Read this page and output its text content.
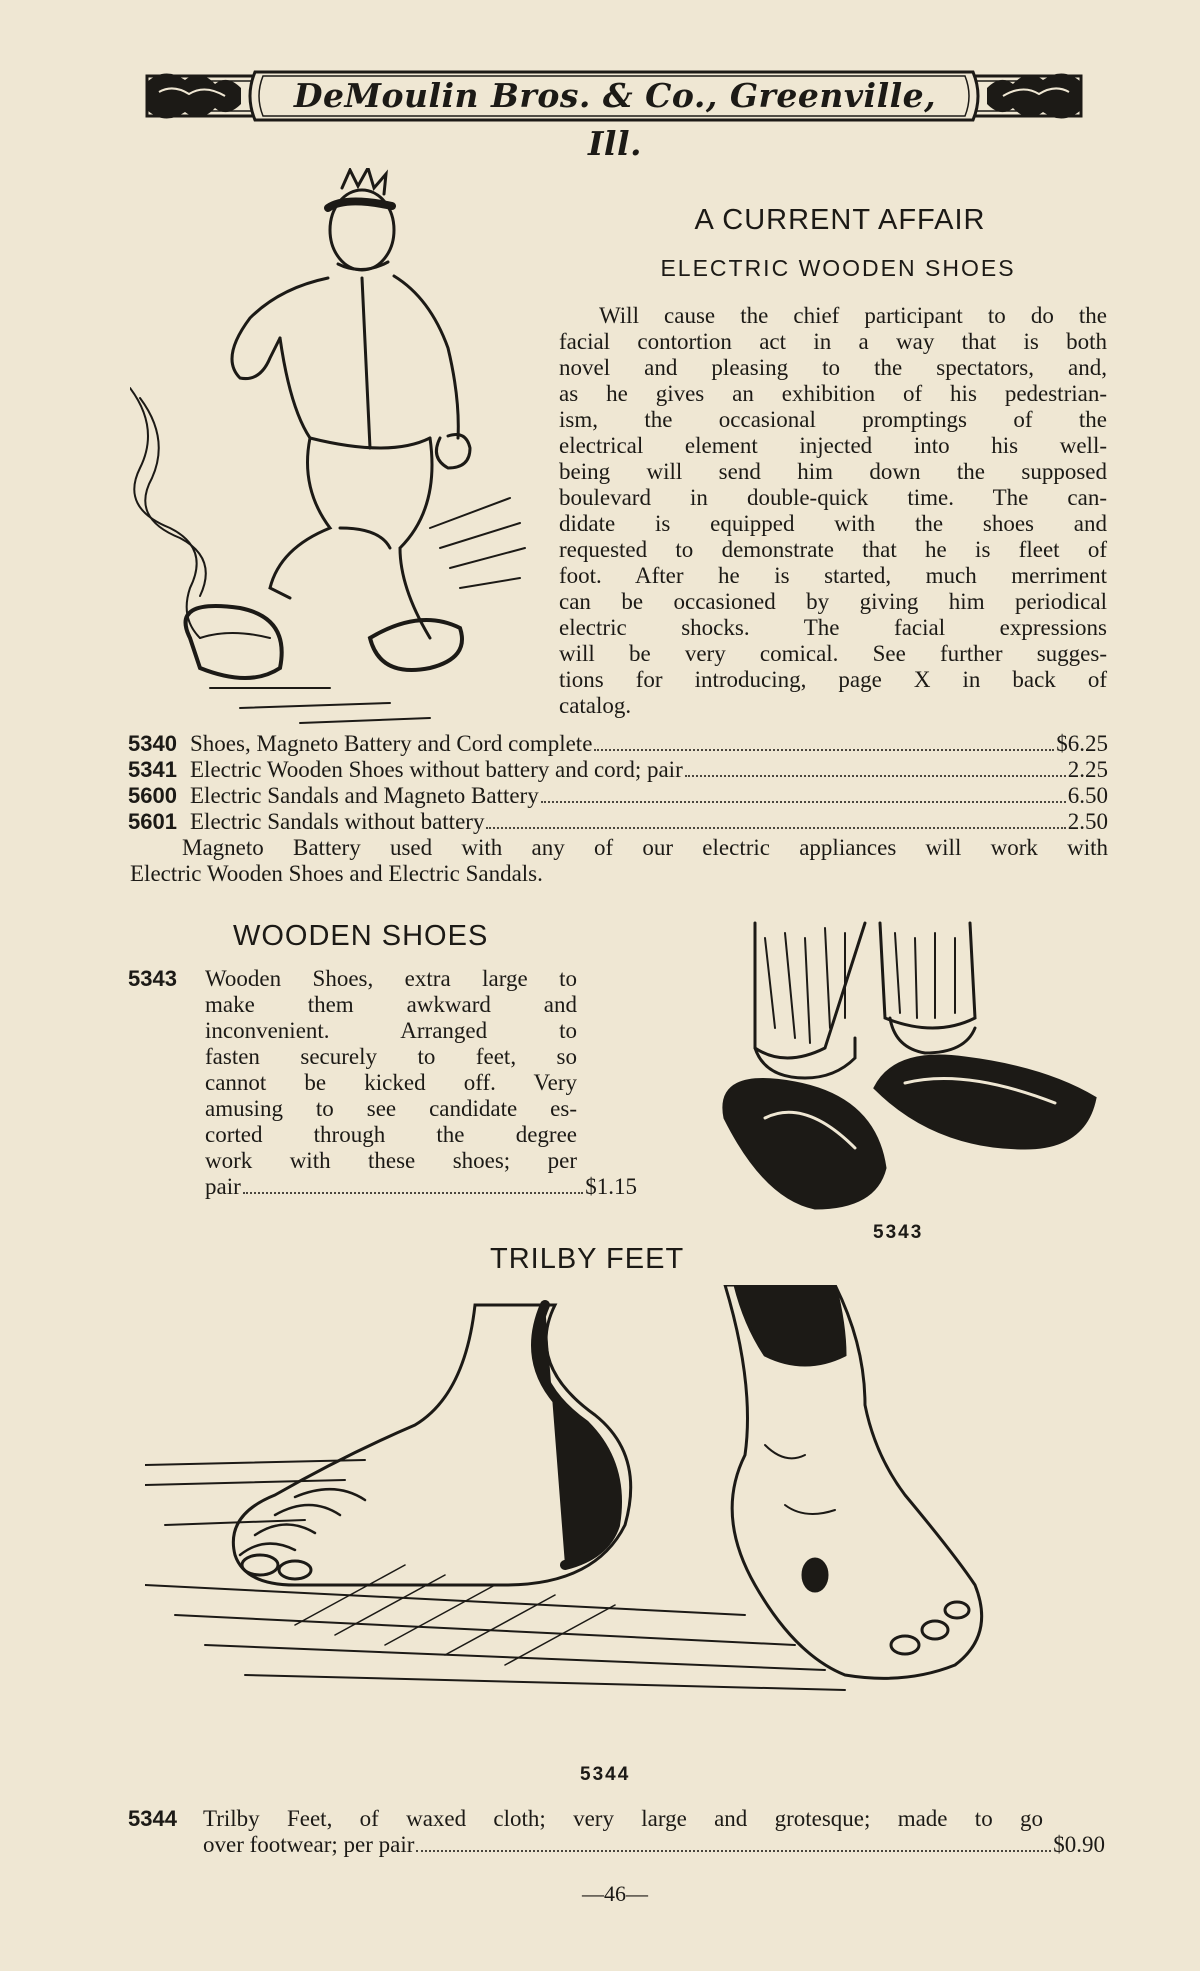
DeMoulin Bros. & Co., Greenville, Ill.
A CURRENT AFFAIR
ELECTRIC WOODEN SHOES
Will cause the chief participant to do the
facial contortion act in a way that is both
novel and pleasing to the spectators, and,
as he gives an exhibition of his pedestrian-
ism, the occasional promptings of the
electrical element injected into his well-
being will send him down the supposed
boulevard in double-quick time. The can-
didate is equipped with the shoes and
requested to demonstrate that he is fleet of
foot. After he is started, much merriment
can be occasioned by giving him periodical
electric shocks. The facial expressions
will be very comical. See further sugges-
tions for introducing, page X in back of
catalog.
5340 Shoes, Magneto Battery and Cord complete	$6.25
5341 Electric Wooden Shoes without battery and cord; pair	2.25
5600 Electric Sandals and Magneto Battery	6.50
5601 Electric Sandals without battery	2.50
Magneto Battery used with any of our electric appliances will work with
Electric Wooden Shoes and Electric Sandals.
WOODEN SHOES
5343	Wooden Shoes, extra large to
make them awkward and
inconvenient. Arranged to
fasten securely to feet, so
cannot be kicked off. Very
amusing to see candidate es-
corted through the degree
work with these shoes; per
pair	$1.15
5343
TRILBY FEET
5344
5344	Trilby Feet, of waxed cloth; very large and grotesque; made to go
over footwear; per pair	$0.90
—46—
